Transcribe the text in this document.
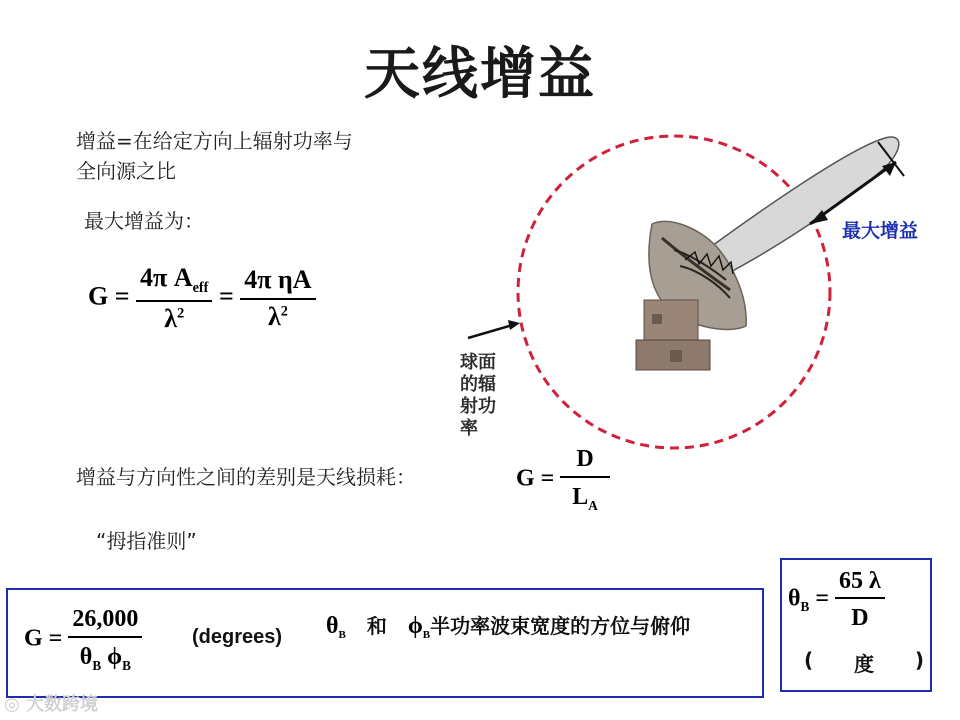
天线增益
增益=在给定方向上辐射功率与
全向源之比
最大增益为：
$G = \frac{4\pi A_{eff}}{\lambda^2} = \frac{\text{4π ηA}}{\lambda^2}$
最大增益
球面
的辐
射功
率
增益与方向性之间的差别是天线损耗：	$G = \frac{D}{L_A}$
“拇指准则”
$G = \frac{26,000}{\theta_B \phi_B}$ (degrees) $\theta_B$ 和 $\phi_B$半功率波束宽度的方位与俯仰
$\theta_B = \frac{65 \lambda}{D}$
( 度 )
◎ 大数跨境
